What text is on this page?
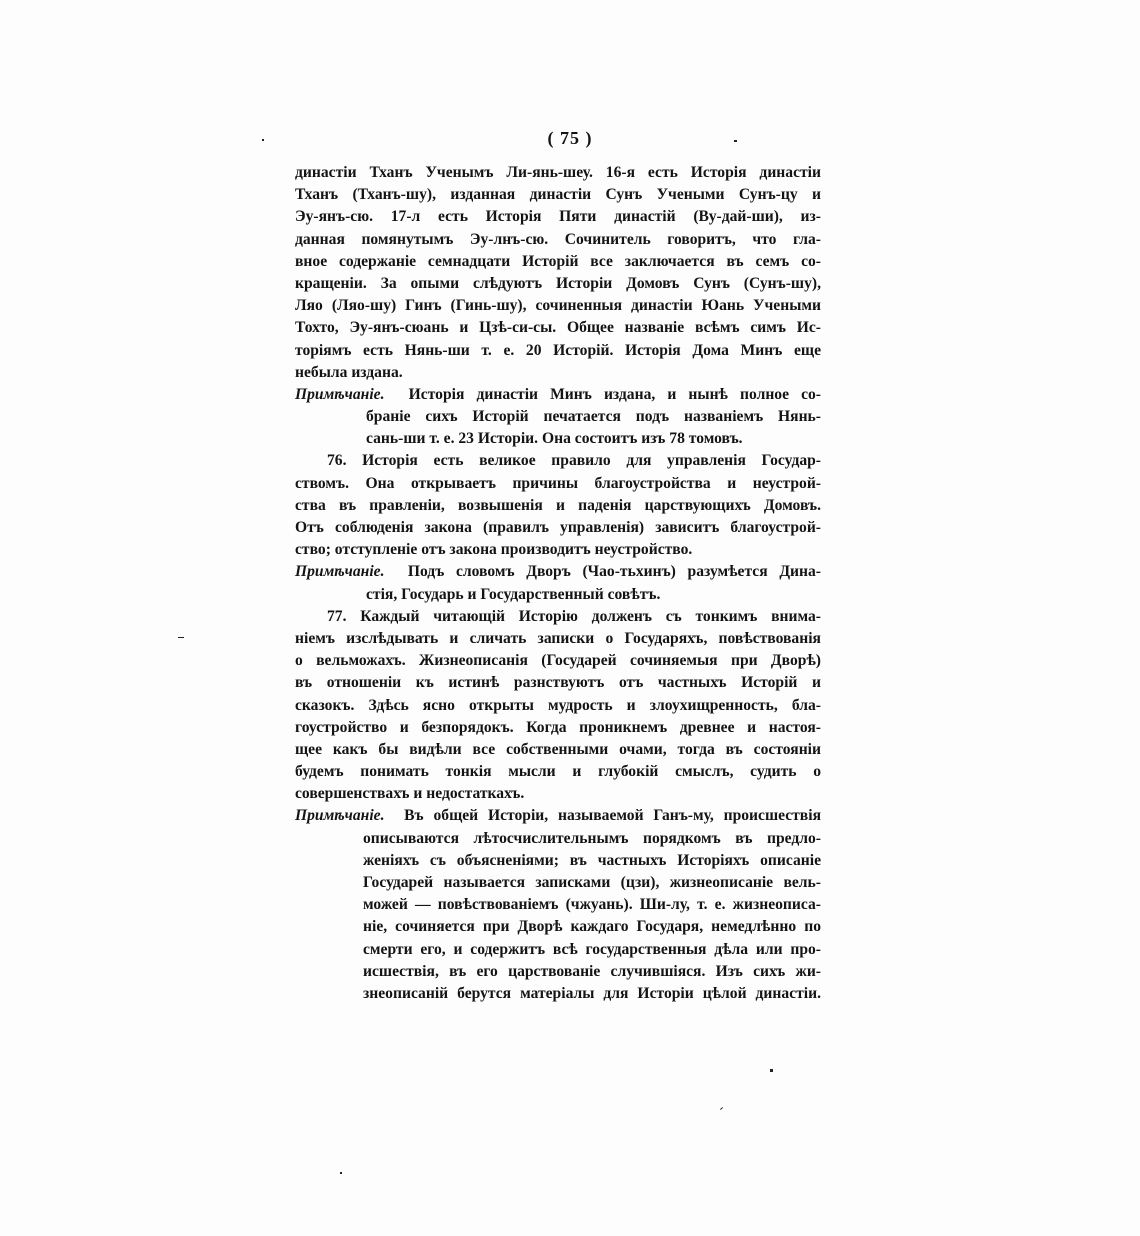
( 75 )
династіи Тханъ Ученымъ Ли-янь-шеу. 16-я есть Исторія династіи
Тханъ (Тханъ-шу), изданная династіи Сунъ Учеными Сунъ-цу и
Эу-янъ-сю. 17-л есть Исторія Пяти династій (Ву-дай-ши), из-
данная помянутымъ Эу-лнъ-сю. Сочинитель говоритъ, что гла-
вное содержаніе семнадцати Исторій все заключается въ семъ со-
кращеніи. За опыми слѣдуютъ Исторіи Домовъ Сунъ (Сунъ-шу),
Ляо (Ляо-шу) Гинъ (Гинь-шу), сочиненныя династіи Юань Учеными
Тохто, Эу-янъ-сюань и Цзѣ-си-сы. Общее названіе всѣмъ симъ Ис-
торіямъ есть Нянь-ши т. е. 20 Исторій. Исторія Дома Минъ еще
небыла издана.
Примѣчаніе. Исторія династіи Минъ издана, и нынѣ полное со-
браніе сихъ Исторій печатается подъ названіемъ Нянь-
сань-ши т. е. 23 Исторіи. Она состоитъ изъ 78 томовъ.
76. Исторія есть великое правило для управленія Государ-
ствомъ. Она открываетъ причины благоустройства и неустрой-
ства въ правленіи, возвышенія и паденія царствующихъ Домовъ.
Отъ соблюденія закона (правилъ управленія) зависитъ благоустрой-
ство; отступленіе отъ закона производитъ неустройство.
Примѣчаніе. Подъ словомъ Дворъ (Чао-тьхинъ) разумѣется Дина-
стія, Государь и Государственный совѣтъ.
77. Каждый читающій Исторію долженъ съ тонкимъ внима-
ніемъ изслѣдывать и сличать записки о Государяхъ, повѣствованія
о вельможахъ. Жизнеописанія (Государей сочиняемыя при Дворѣ)
въ отношеніи къ истинѣ разнствуютъ отъ частныхъ Исторій и
сказокъ. Здѣсь ясно открыты мудрость и злоухищренность, бла-
гоустройство и безпорядокъ. Когда проникнемъ древнее и настоя-
щее какъ бы видѣли все собственными очами, тогда въ состояніи
будемъ понимать тонкія мысли и глубокій смыслъ, судить о
совершенствахъ и недостаткахъ.
Примѣчаніе. Въ общей Исторіи, называемой Ганъ-му, происшествія
описываются лѣтосчислительнымъ порядкомъ въ предло-
женіяхъ съ объясненіями; въ частныхъ Исторіяхъ описаніе
Государей называется записками (цзи), жизнеописаніе вель-
можей — повѣствованіемъ (чжуань). Ши-лу, т. е. жизнеописа-
ніе, сочиняется при Дворѣ каждаго Государя, немедлѣнно по
смерти его, и содержитъ всѣ государственныя дѣла или про-
исшествія, въ его царствованіе случившіяся. Изъ сихъ жи-
знеописаній берутся матеріалы для Исторіи цѣлой династіи.
